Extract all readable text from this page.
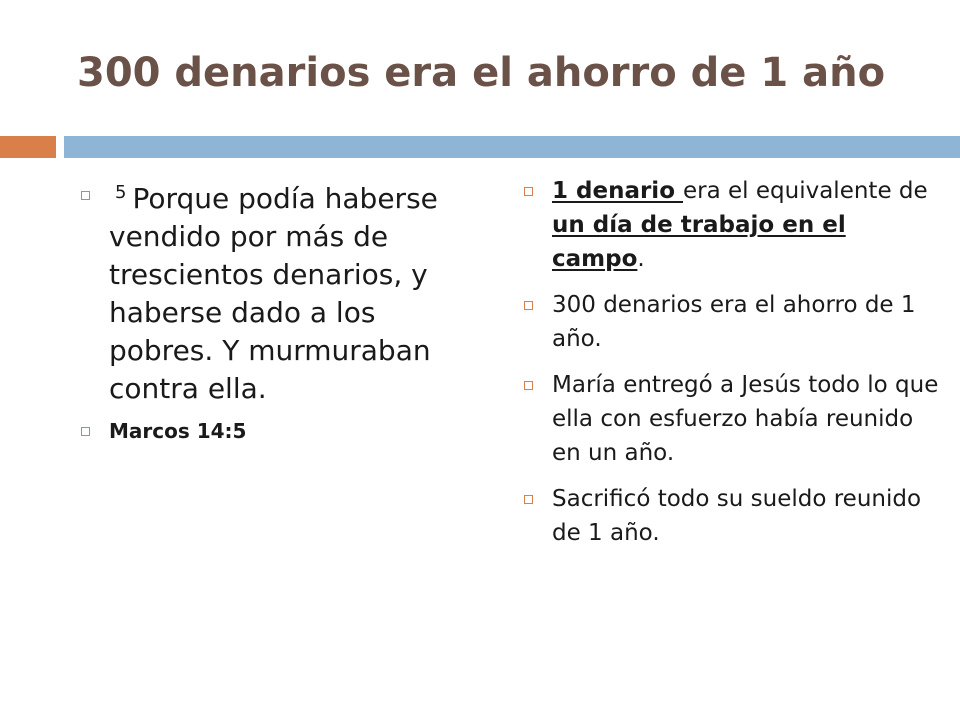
300 denarios era el ahorro de 1 año
$^5$ Porque podía haberse vendido por más de trescientos denarios, y haberse dado a los pobres. Y murmuraban contra ella.
Marcos 14:5
1 denario era el equivalente de un día de trabajo en el campo.
300 denarios era el ahorro de 1 año.
María entregó a Jesús todo lo que ella con esfuerzo había reunido en un año.
Sacrificó todo su sueldo reunido de 1 año.
